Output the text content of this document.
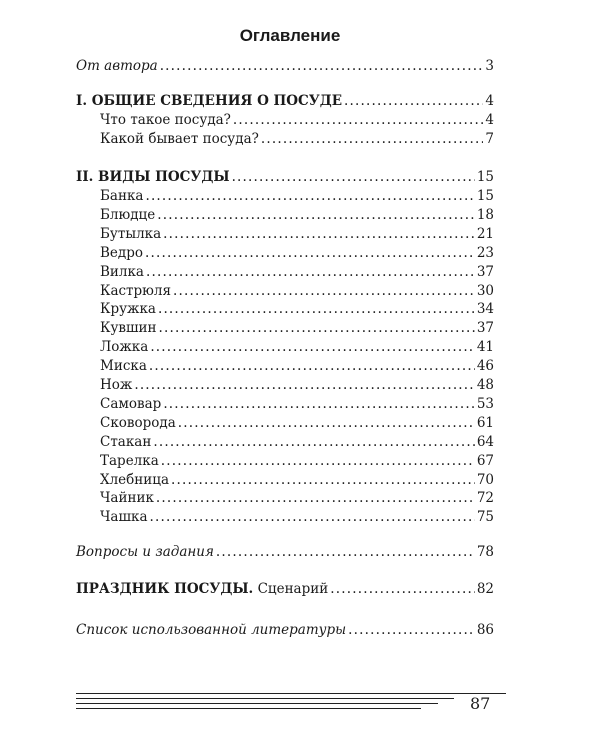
Оглавление
От автора .....	3
I. ОБЩИЕ СВЕДЕНИЯ О ПОСУДЕ .....	4
Что такое посуда? .....	4
Какой бывает посуда? .....	7
II. ВИДЫ ПОСУДЫ .....	15
Банка .....	15
Блюдце .....	18
Бутылка .....	21
Ведро .....	23
Вилка .....	37
Кастрюля .....	30
Кружка .....	34
Кувшин .....	37
Ложка .....	41
Миска .....	46
Нож .....	48
Самовар .....	53
Сковорода .....	61
Стакан .....	64
Тарелка .....	67
Хлебница .....	70
Чайник .....	72
Чашка .....	75
Вопросы и задания .....	78
ПРАЗДНИК ПОСУДЫ. Сценарий .....	82
Список использованной литературы .....	86
87
